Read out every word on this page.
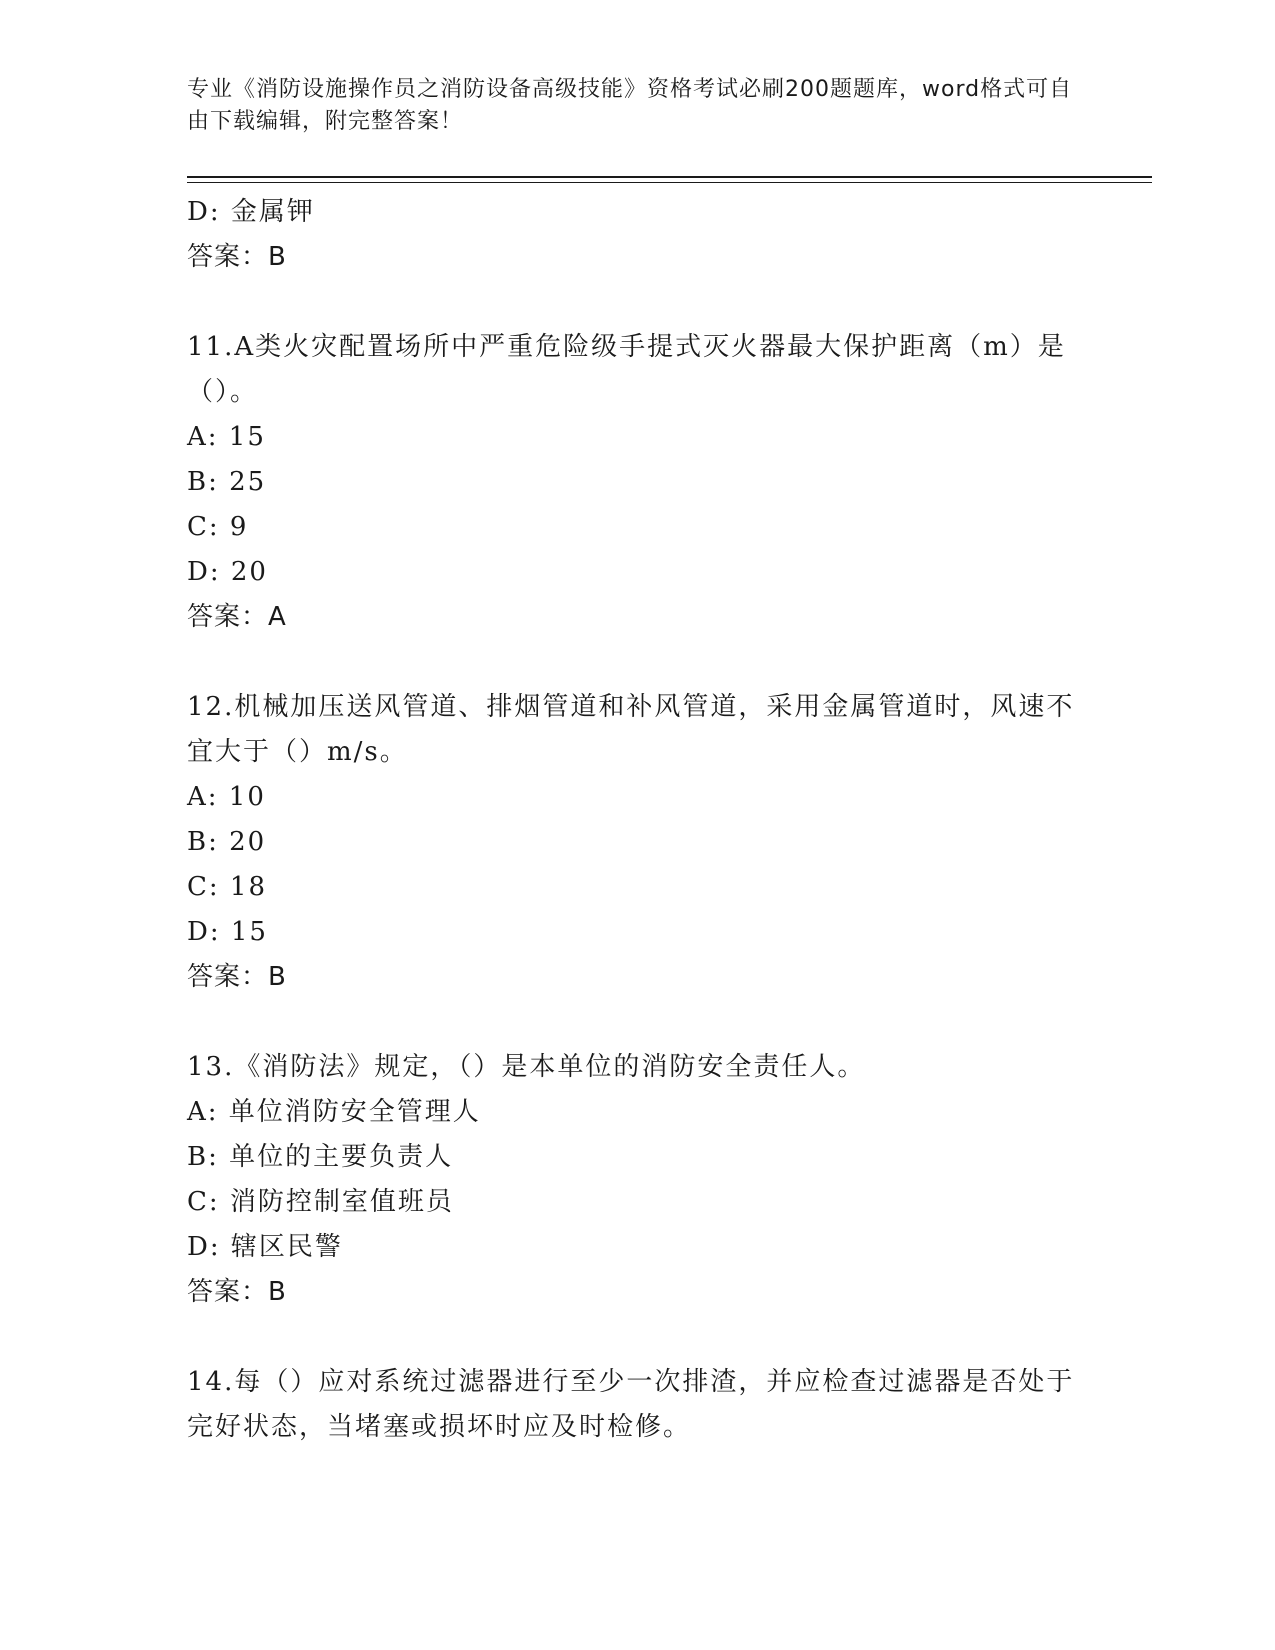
专业《消防设施操作员之消防设备高级技能》资格考试必刷200题题库，word格式可自由下载编辑，附完整答案！
D: 金属钾
答案：B
11.A类火灾配置场所中严重危险级手提式灭火器最大保护距离（m）是（）。
A: 15
B: 25
C: 9
D: 20
答案：A
12.机械加压送风管道、排烟管道和补风管道，采用金属管道时，风速不宜大于（）m/s。
A: 10
B: 20
C: 18
D: 15
答案：B
13.《消防法》规定，（）是本单位的消防安全责任人。
A: 单位消防安全管理人
B: 单位的主要负责人
C: 消防控制室值班员
D: 辖区民警
答案：B
14.每（）应对系统过滤器进行至少一次排渣，并应检查过滤器是否处于完好状态，当堵塞或损坏时应及时检修。
